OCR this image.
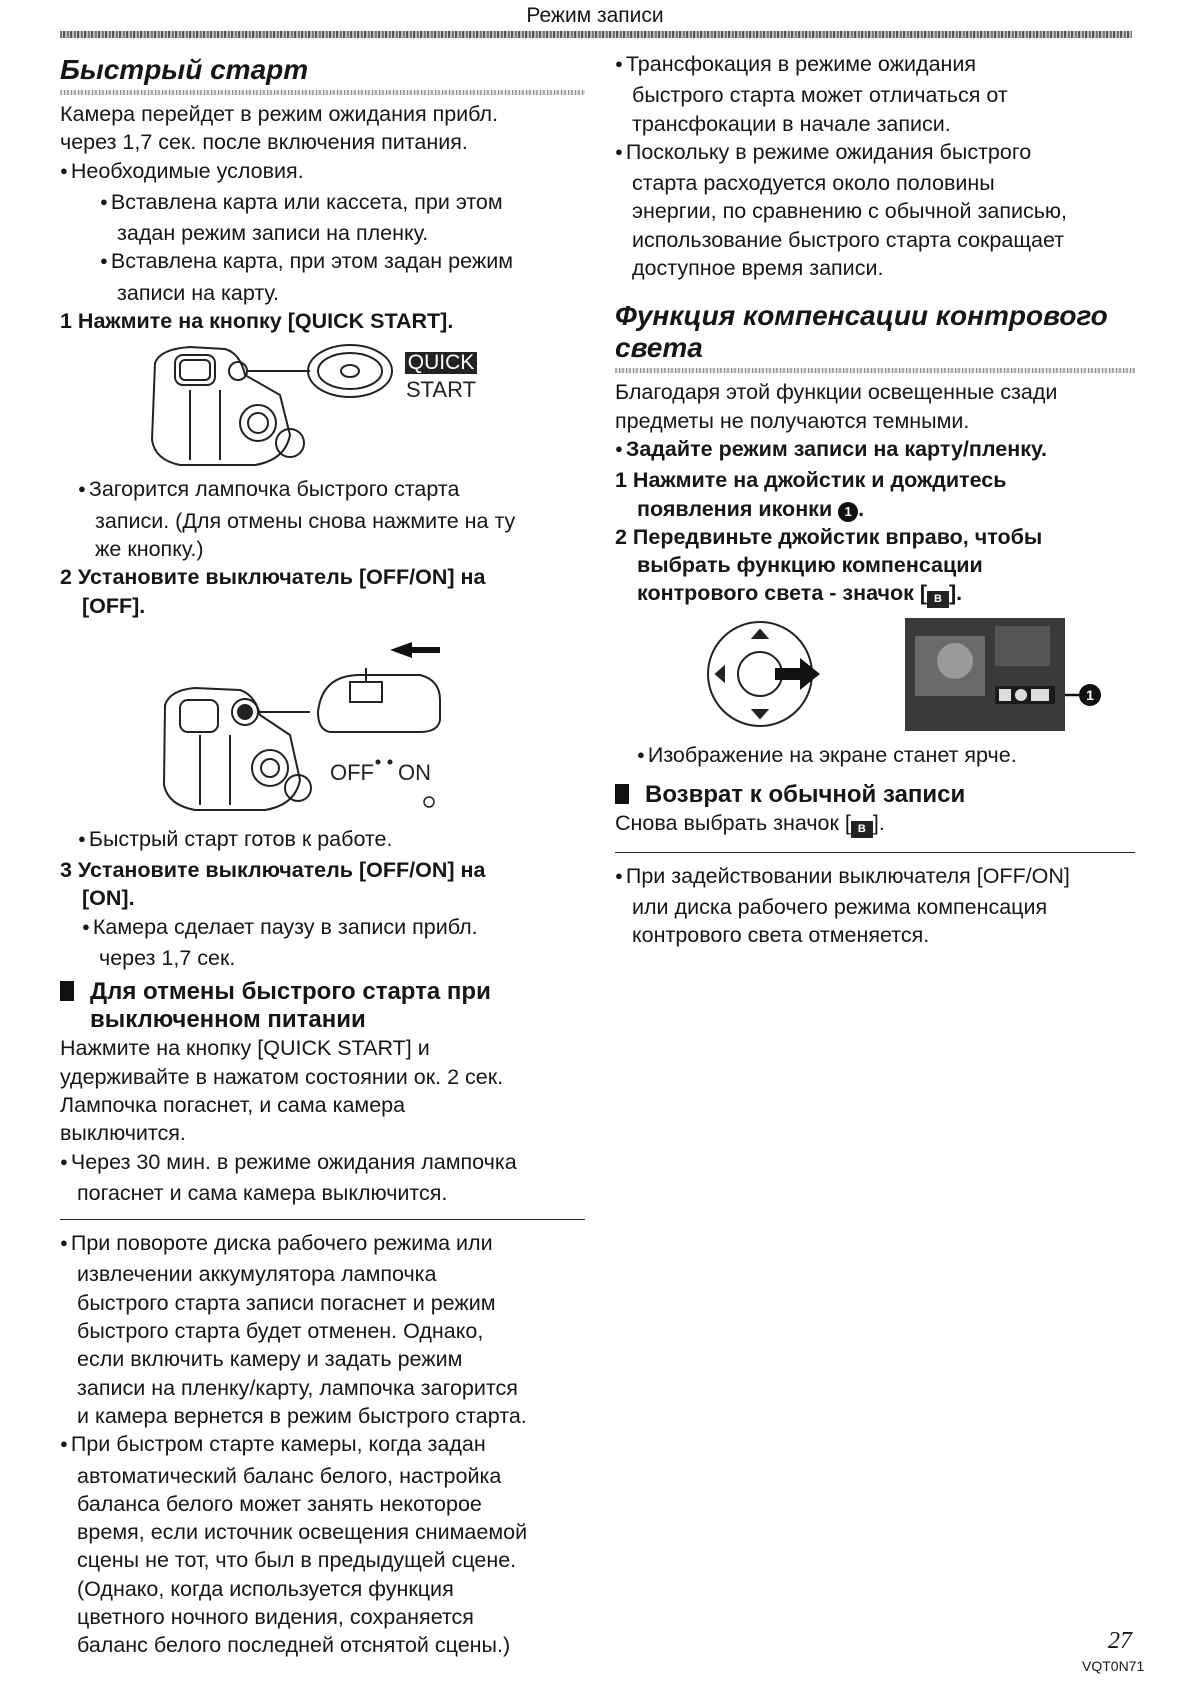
Режим записи

Быстрый старт

Камера перейдет в режим ожидания прибл.

через 1,7 сек. после включения питания.

● Необходимые условия.

● Вставлена карта или кассета, при этом
задан режим записи на пленку.

● Вставлена карта, при этом задан режим
записи на карту.

1 Нажмите на кнопку [QUICK START].

QUICK
START

● Загорится лампочка быстрого старта
записи. (Для отмены снова нажмите на ту
же кнопку.)

2 Установите выключатель [OFF/ON] на
[OFF].

OFF ON

● Быстрый старт готов к работе.

3 Установите выключатель [OFF/ON] на
[ON].

● Камера сделает паузу в записи прибл.
через 1,7 сек.

Для отмены быстрого старта при
выключенном питании

Нажмите на кнопку [QUICK START] и
удерживайте в нажатом состоянии ок. 2 сек.
Лампочка погаснет, и сама камера
выключится.

● Через 30 мин. в режиме ожидания лампочка
погаснет и сама камера выключится.

● При повороте диска рабочего режима или
извлечении аккумулятора лампочка
быстрого старта записи погаснет и режим
быстрого старта будет отменен. Однако,
если включить камеру и задать режим
записи на пленку/карту, лампочка загорится
и камера вернется в режим быстрого старта.

● При быстром старте камеры, когда задан
автоматический баланс белого, настройка
баланса белого может занять некоторое
время, если источник освещения снимаемой
сцены не тот, что был в предыдущей сцене.
(Однако, когда используется функция
цветного ночного видения, сохраняется
баланс белого последней отснятой сцены.)

● Трансфокация в режиме ожидания
быстрого старта может отличаться от
трансфокации в начале записи.

● Поскольку в режиме ожидания быстрого
старта расходуется около половины
энергии, по сравнению с обычной записью,
использование быстрого старта сокращает
доступное время записи.

Функция компенсации контрового
света

Благодаря этой функции освещенные сзади
предметы не получаются темными.

● Задайте режим записи на карту/пленку.

1 Нажмите на джойстик и дождитесь
появления иконки 1 .

2 Передвиньте джойстик вправо, чтобы
выбрать функцию компенсации
контрового света - значок [ B ].

1

● Изображение на экране станет ярче.

Возврат к обычной записи

Снова выбрать значок [ B ].

● При задействовании выключателя [OFF/ON]
или диска рабочего режима компенсация
контрового света отменяется.

27
VQT0N71
